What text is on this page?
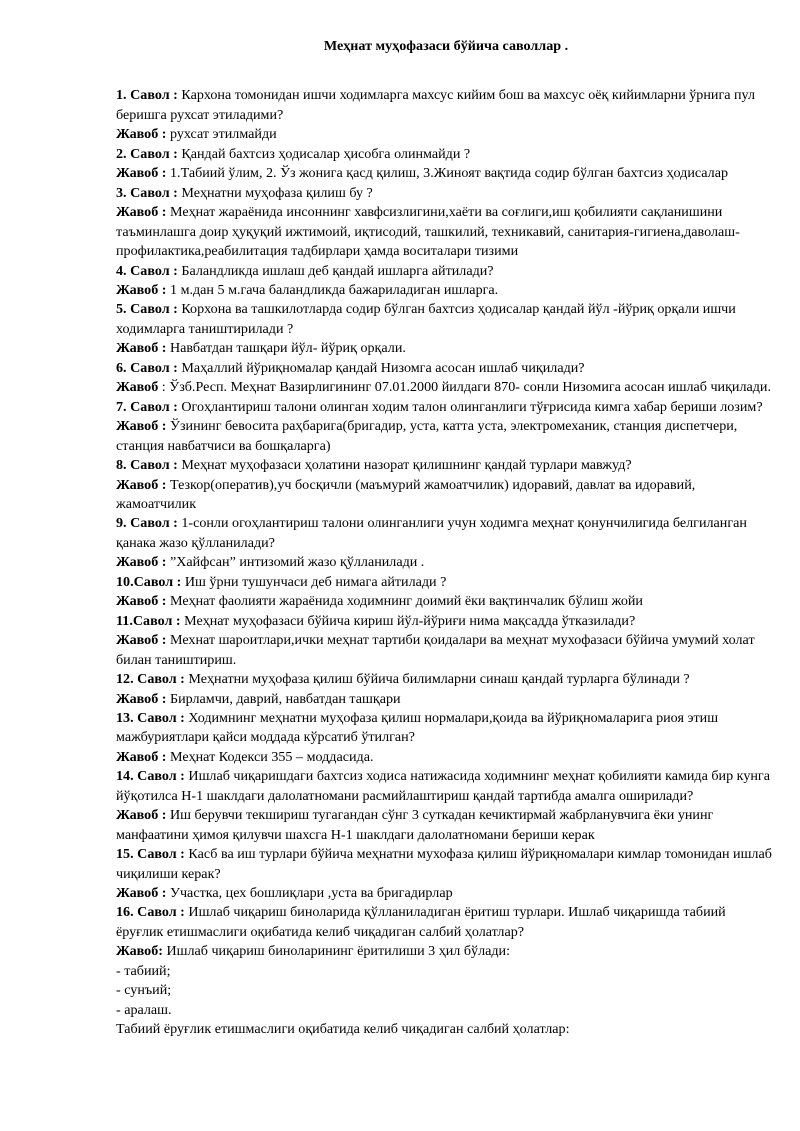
Меҳнат муҳофазаси бўйича саволлар .

1. Савол : Кархона томонидан ишчи ходимларга махсус кийим бош ва махсус оёқ кийимларни ўрнига пул беришга рухсат этиладими?

Жавоб : рухсат этилмайди

2. Савол : Қандай бахтсиз ҳодисалар ҳисобга олинмайди ?

Жавоб : 1.Табиий ўлим, 2. Ўз жонига қасд қилиш, 3.Жиноят вақтида содир бўлган бахтсиз ҳодисалар

3. Савол : Меҳнатни муҳофаза қилиш бу ?

Жавоб : Меҳнат жараёнида инсоннинг хавфсизлигини,хаёти ва соғлиги,иш қобилияти сақланишини таъминлашга доир ҳуқуқий ижтимоий, иқтисодий, ташкилий, техникавий, санитария-гигиена,даволаш-профилактика,реабилитация тадбирлари ҳамда воситалари тизими

4. Савол : Баландликда ишлаш деб қандай ишларга айтилади?

Жавоб : 1 м.дан 5 м.гача баландликда бажариладиган ишларга.

5. Савол : Корхона ва ташкилотларда содир бўлган бахтсиз ҳодисалар қандай йўл -йўриқ орқали ишчи ходимларга таништирилади ?

Жавоб : Навбатдан ташқари йўл- йўриқ орқали.

6. Савол : Маҳаллий йўриқномалар қандай Низомга асосан ишлаб чиқилади?

Жавоб : Ўзб.Респ. Меҳнат Вазирлигининг 07.01.2000 йилдаги 870- сонли Низомига асосан ишлаб чиқилади.

7. Савол : Огоҳлантириш талони олинган ходим талон олинганлиги тўғрисида кимга хабар бериши лозим?

Жавоб : Ўзининг бевосита раҳбарига(бригадир, уста, катта уста, электромеханик, станция диспетчери, станция навбатчиси ва бошқаларга)

8. Савол : Меҳнат муҳофазаси ҳолатини назорат қилишнинг қандай турлари мавжуд?

Жавоб : Тезкор(оператив),уч босқичли (маъмурий жамоатчилик) идоравий, давлат ва идоравий, жамоатчилик

9. Савол : 1-сонли огоҳлантириш талони олинганлиги учун ходимга меҳнат қонунчилигида белгиланган қанака жазо қўлланилади?

Жавоб : ”Хайфсан” интизомий жазо қўлланилади .

10.Савол : Иш ўрни тушунчаси деб нимага айтилади ?

Жавоб : Меҳнат фаолияти жараёнида ходимнинг доимий ёки вақтинчалик бўлиш жойи

11.Савол : Меҳнат муҳофазаси бўйича кириш йўл-йўриғи нима мақсадда ўтказилади?

Жавоб : Мехнат шароитлари,ички меҳнат тартиби қоидалари ва меҳнат мухофазаси бўйича умумий холат билан таништириш.

12. Савол : Меҳнатни муҳофаза қилиш бўйича билимларни синаш қандай турларга бўлинади ?

Жавоб : Бирламчи, даврий, навбатдан ташқари

13. Савол : Ходимнинг меҳнатни муҳофаза қилиш нормалари,қоида ва йўриқномаларига риоя этиш мажбуриятлари қайси моддада кўрсатиб ўтилган?

Жавоб : Меҳнат Кодекси 355 – моддасида.

14. Савол : Ишлаб чиқаришдаги бахтсиз ходиса натижасида ходимнинг меҳнат қобилияти камида бир кунга йўқотилса Н-1 шаклдаги далолатномани расмийлаштириш қандай тартибда амалга оширилади?

Жавоб : Иш берувчи текшириш тугагандан сўнг 3 суткадан кечиктирмай жабрланувчига ёки унинг манфаатини ҳимоя қилувчи шахсга Н-1 шаклдаги далолатномани бериши керак

15. Савол : Касб ва иш турлари бўйича меҳнатни мухофаза қилиш йўриқномалари кимлар томонидан ишлаб чиқилиши керак?

Жавоб : Участка, цех бошлиқлари ,уста ва бригадирлар

16. Савол : Ишлаб чиқариш биноларида қўлланиладиган ёритиш турлари. Ишлаб чиқаришда табиий ёруғлик етишмаслиги оқибатида келиб чиқадиган салбий ҳолатлар?

Жавоб: Ишлаб чиқариш биноларининг ёритилиши 3 ҳил бўлади:

- табиий;

- сунъий;

- аралаш.

Табиий ёруғлик етишмаслиги оқибатида келиб чиқадиган салбий ҳолатлар:
